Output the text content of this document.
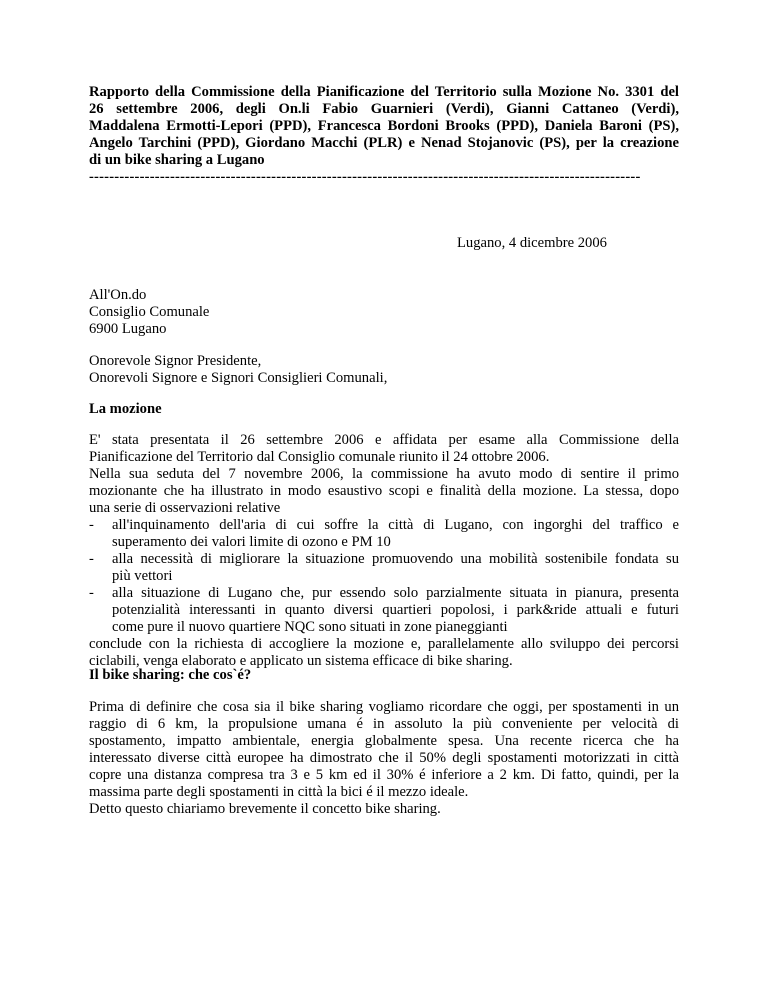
Rapporto della Commissione della Pianificazione del Territorio sulla Mozione No. 3301 del
26 settembre 2006, degli On.li Fabio Guarnieri (Verdi), Gianni Cattaneo (Verdi),
Maddalena Ermotti-Lepori (PPD), Francesca Bordoni Brooks (PPD), Daniela Baroni (PS),
Angelo Tarchini (PPD), Giordano Macchi (PLR) e Nenad Stojanovic (PS), per la creazione
di un bike sharing a Lugano
-------------------------------------------------------------------------------------------------------------
Lugano, 4 dicembre 2006
All'On.do
Consiglio Comunale
6900 Lugano
Onorevole Signor Presidente,
Onorevoli Signore e Signori Consiglieri Comunali,
La mozione
E' stata presentata il 26 settembre 2006 e affidata per esame alla Commissione della
Pianificazione del Territorio dal Consiglio comunale riunito il 24 ottobre 2006.
Nella sua seduta del 7 novembre 2006, la commissione ha avuto modo di sentire il primo
mozionante che ha illustrato in modo esaustivo scopi e finalità della mozione. La stessa, dopo
una serie di osservazioni relative
- all'inquinamento dell'aria di cui soffre la città di Lugano, con ingorghi del traffico e
superamento dei valori limite di ozono e PM 10
- alla necessità di migliorare la situazione promuovendo una mobilità sostenibile fondata su
più vettori
- alla situazione di Lugano che, pur essendo solo parzialmente situata in pianura, presenta
potenzialità interessanti in quanto diversi quartieri popolosi, i park&ride attuali e futuri
come pure il nuovo quartiere NQC sono situati in zone pianeggianti
conclude con la richiesta di accogliere la mozione e, parallelamente allo sviluppo dei percorsi
ciclabili, venga elaborato e applicato un sistema efficace di bike sharing.
Il bike sharing: che cos`é?
Prima di definire che cosa sia il bike sharing vogliamo ricordare che oggi, per spostamenti in un
raggio di 6 km, la propulsione umana é in assoluto la più conveniente per velocità di
spostamento, impatto ambientale, energia globalmente spesa. Una recente ricerca che ha
interessato diverse città europee ha dimostrato che il 50% degli spostamenti motorizzati in città
copre una distanza compresa tra 3 e 5 km ed il 30% é inferiore a 2 km. Di fatto, quindi, per la
massima parte degli spostamenti in città la bici é il mezzo ideale.
Detto questo chiariamo brevemente il concetto bike sharing.
